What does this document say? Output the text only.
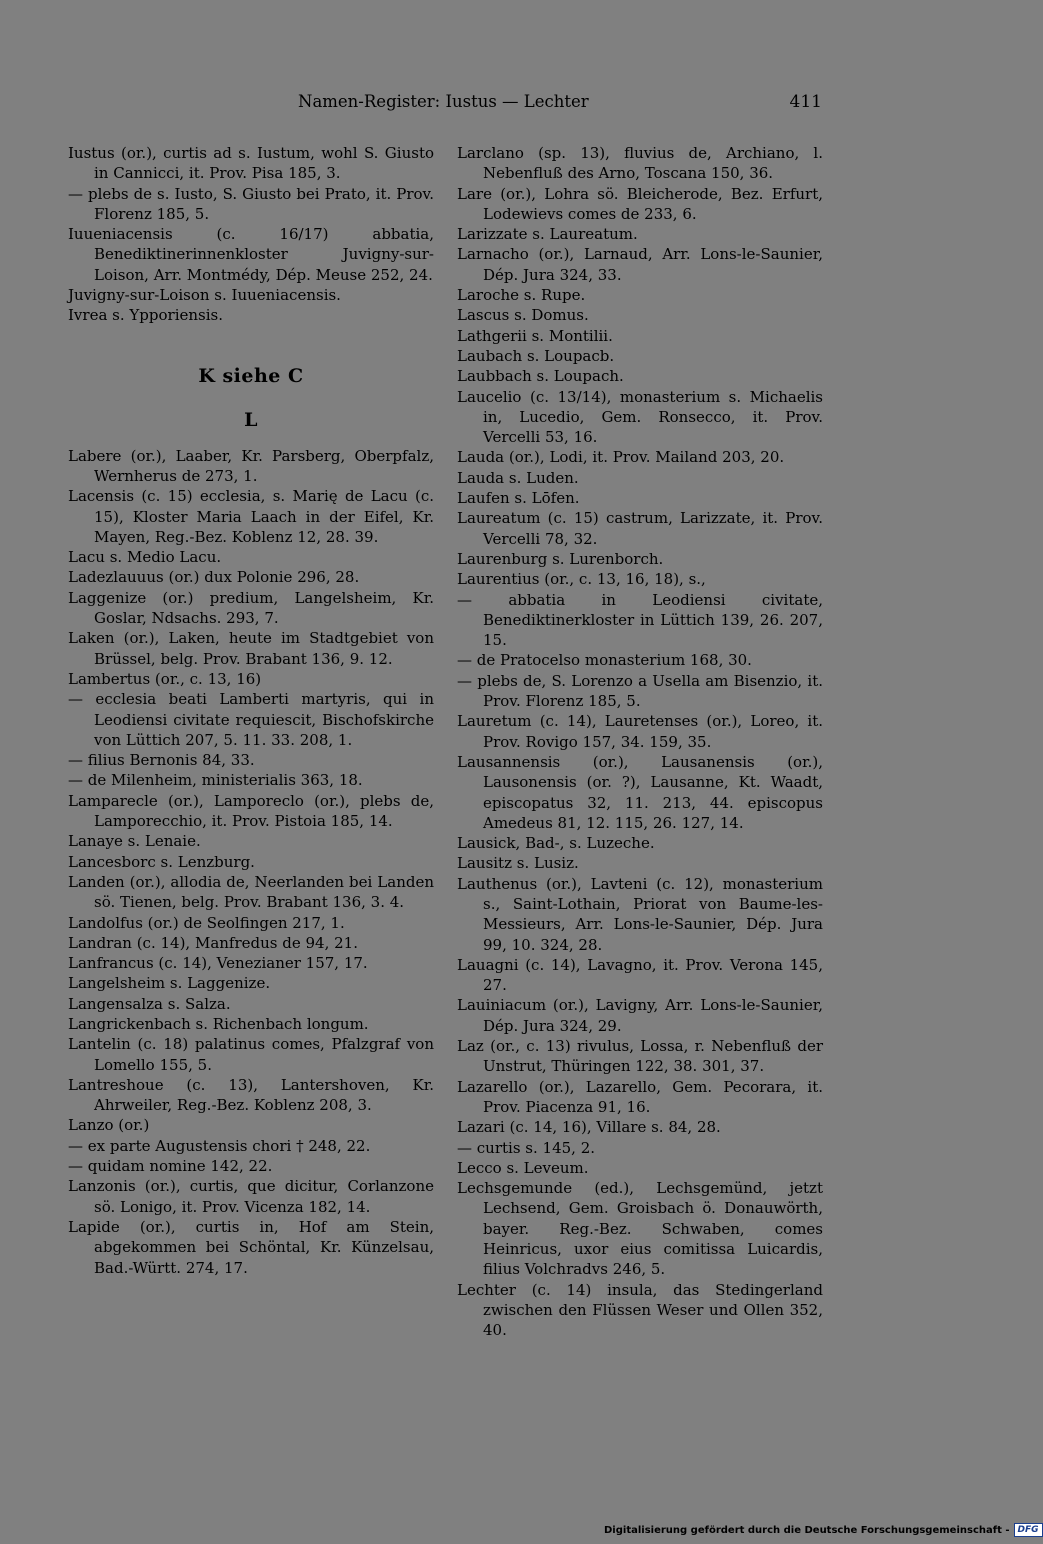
Namen-Register: Iustus — Lechter	411

Iustus (or.), curtis ad s. Iustum, wohl S. Giusto in Cannicci, it. Prov. Pisa 185, 3.

— plebs de s. Iusto, S. Giusto bei Prato, it. Prov. Florenz 185, 5.

Iuueniacensis (c. 16/17) abbatia, Benediktinerinnenkloster Juvigny-sur-Loison, Arr. Montmédy, Dép. Meuse 252, 24.

Juvigny-sur-Loison s. Iuueniacensis.

Ivrea s. Ypporiensis.

K siehe C
L

Labere (or.), Laaber, Kr. Parsberg, Oberpfalz, Wernherus de 273, 1.

Lacensis (c. 15) ecclesia, s. Marię de Lacu (c. 15), Kloster Maria Laach in der Eifel, Kr. Mayen, Reg.-Bez. Koblenz 12, 28. 39.

Lacu s. Medio Lacu.

Ladezlauuus (or.) dux Polonie 296, 28.

Laggenize (or.) predium, Langelsheim, Kr. Goslar, Ndsachs. 293, 7.

Laken (or.), Laken, heute im Stadtgebiet von Brüssel, belg. Prov. Brabant 136, 9. 12.

Lambertus (or., c. 13, 16)

— ecclesia beati Lamberti martyris, qui in Leodiensi civitate requiescit, Bischofskirche von Lüttich 207, 5. 11. 33. 208, 1.

— filius Bernonis 84, 33.

— de Milenheim, ministerialis 363, 18.

Lamparecle (or.), Lamporeclo (or.), plebs de, Lamporecchio, it. Prov. Pistoia 185, 14.

Lanaye s. Lenaie.

Lancesborc s. Lenzburg.

Landen (or.), allodia de, Neerlanden bei Landen sö. Tienen, belg. Prov. Brabant 136, 3. 4.

Landolfus (or.) de Seolfingen 217, 1.

Landran (c. 14), Manfredus de 94, 21.

Lanfrancus (c. 14), Venezianer 157, 17.

Langelsheim s. Laggenize.

Langensalza s. Salza.

Langrickenbach s. Richenbach longum.

Lantelin (c. 18) palatinus comes, Pfalzgraf von Lomello 155, 5.

Lantreshoue (c. 13), Lantershoven, Kr. Ahrweiler, Reg.-Bez. Koblenz 208, 3.

Lanzo (or.)

— ex parte Augustensis chori † 248, 22.

— quidam nomine 142, 22.

Lanzonis (or.), curtis, que dicitur, Corlanzone sö. Lonigo, it. Prov. Vicenza 182, 14.

Lapide (or.), curtis in, Hof am Stein, abgekommen bei Schöntal, Kr. Künzelsau, Bad.-Württ. 274, 17.

Larclano (sp. 13), fluvius de, Archiano, l. Nebenfluß des Arno, Toscana 150, 36.

Lare (or.), Lohra sö. Bleicherode, Bez. Erfurt, Lodewievs comes de 233, 6.

Larizzate s. Laureatum.

Larnacho (or.), Larnaud, Arr. Lons-le-Saunier, Dép. Jura 324, 33.

Laroche s. Rupe.

Lascus s. Domus.

Lathgerii s. Montilii.

Laubach s. Loupacb.

Laubbach s. Loupach.

Laucelio (c. 13/14), monasterium s. Michaelis in, Lucedio, Gem. Ronsecco, it. Prov. Vercelli 53, 16.

Lauda (or.), Lodi, it. Prov. Mailand 203, 20.

Lauda s. Luden.

Laufen s. Lōfen.

Laureatum (c. 15) castrum, Larizzate, it. Prov. Vercelli 78, 32.

Laurenburg s. Lurenborch.

Laurentius (or., c. 13, 16, 18), s.,

— abbatia in Leodiensi civitate, Benediktinerkloster in Lüttich 139, 26. 207, 15.

— de Pratocelso monasterium 168, 30.

— plebs de, S. Lorenzo a Usella am Bisenzio, it. Prov. Florenz 185, 5.

Lauretum (c. 14), Lauretenses (or.), Loreo, it. Prov. Rovigo 157, 34. 159, 35.

Lausannensis (or.), Lausanensis (or.), Lausonensis (or. ?), Lausanne, Kt. Waadt, episcopatus 32, 11. 213, 44. episcopus Amedeus 81, 12. 115, 26. 127, 14.

Lausick, Bad-, s. Luzeche.

Lausitz s. Lusiz.

Lauthenus (or.), Lavteni (c. 12), monasterium s., Saint-Lothain, Priorat von Baume-les-Messieurs, Arr. Lons-le-Saunier, Dép. Jura 99, 10. 324, 28.

Lauagni (c. 14), Lavagno, it. Prov. Verona 145, 27.

Lauiniacum (or.), Lavigny, Arr. Lons-le-Saunier, Dép. Jura 324, 29.

Laz (or., c. 13) rivulus, Lossa, r. Nebenfluß der Unstrut, Thüringen 122, 38. 301, 37.

Lazarello (or.), Lazarello, Gem. Pecorara, it. Prov. Piacenza 91, 16.

Lazari (c. 14, 16), Villare s. 84, 28.

— curtis s. 145, 2.

Lecco s. Leveum.

Lechsgemunde (ed.), Lechsgemünd, jetzt Lechsend, Gem. Groisbach ö. Donauwörth, bayer. Reg.-Bez. Schwaben, comes Heinricus, uxor eius comitissa Luicardis, filius Volchradvs 246, 5.

Lechter (c. 14) insula, das Stedingerland zwischen den Flüssen Weser und Ollen 352, 40.

Digitalisierung gefördert durch die Deutsche Forschungsgemeinschaft - DFG
